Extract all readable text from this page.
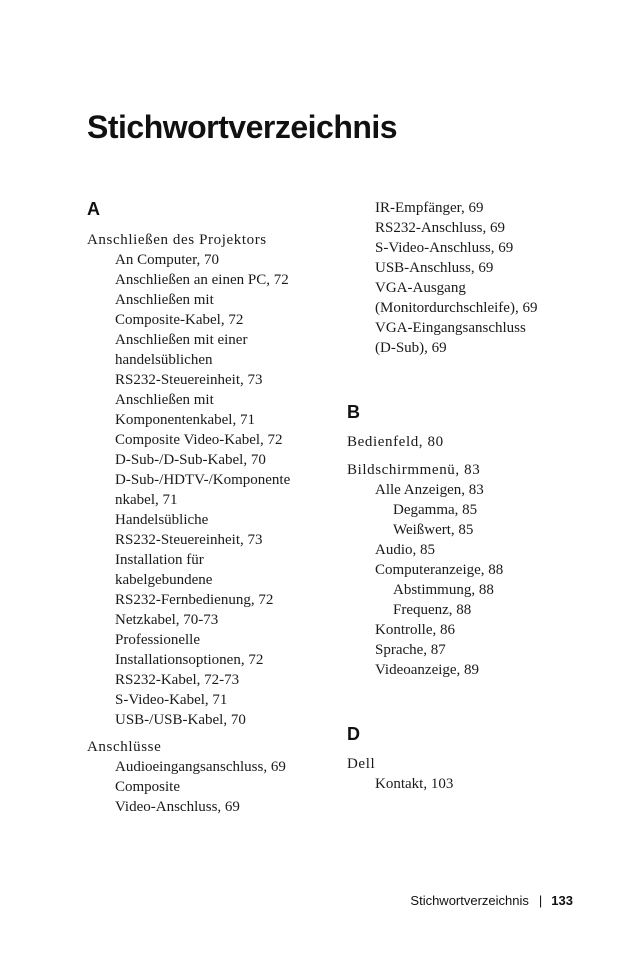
Stichwortverzeichnis
A
Anschließen des Projektors
An Computer, 70
Anschließen an einen PC, 72
Anschließen mit
Composite-Kabel, 72
Anschließen mit einer
handelsüblichen
RS232-Steuereinheit, 73
Anschließen mit
Komponentenkabel, 71
Composite Video-Kabel, 72
D-Sub-/D-Sub-Kabel, 70
D-Sub-/HDTV-/Komponente
nkabel, 71
Handelsübliche
RS232-Steuereinheit, 73
Installation für
kabelgebundene
RS232-Fernbedienung, 72
Netzkabel, 70-73
Professionelle
Installationsoptionen, 72
RS232-Kabel, 72-73
S-Video-Kabel, 71
USB-/USB-Kabel, 70
Anschlüsse
Audioeingangsanschluss, 69
Composite
Video-Anschluss, 69
IR-Empfänger, 69
RS232-Anschluss, 69
S-Video-Anschluss, 69
USB-Anschluss, 69
VGA-Ausgang
(Monitordurchschleife), 69
VGA-Eingangsanschluss
(D-Sub), 69
B
Bedienfeld, 80
Bildschirmmenü, 83
Alle Anzeigen, 83
Degamma, 85
Weißwert, 85
Audio, 85
Computeranzeige, 88
Abstimmung, 88
Frequenz, 88
Kontrolle, 86
Sprache, 87
Videoanzeige, 89
D
Dell
Kontakt, 103
Stichwortverzeichnis | 133
